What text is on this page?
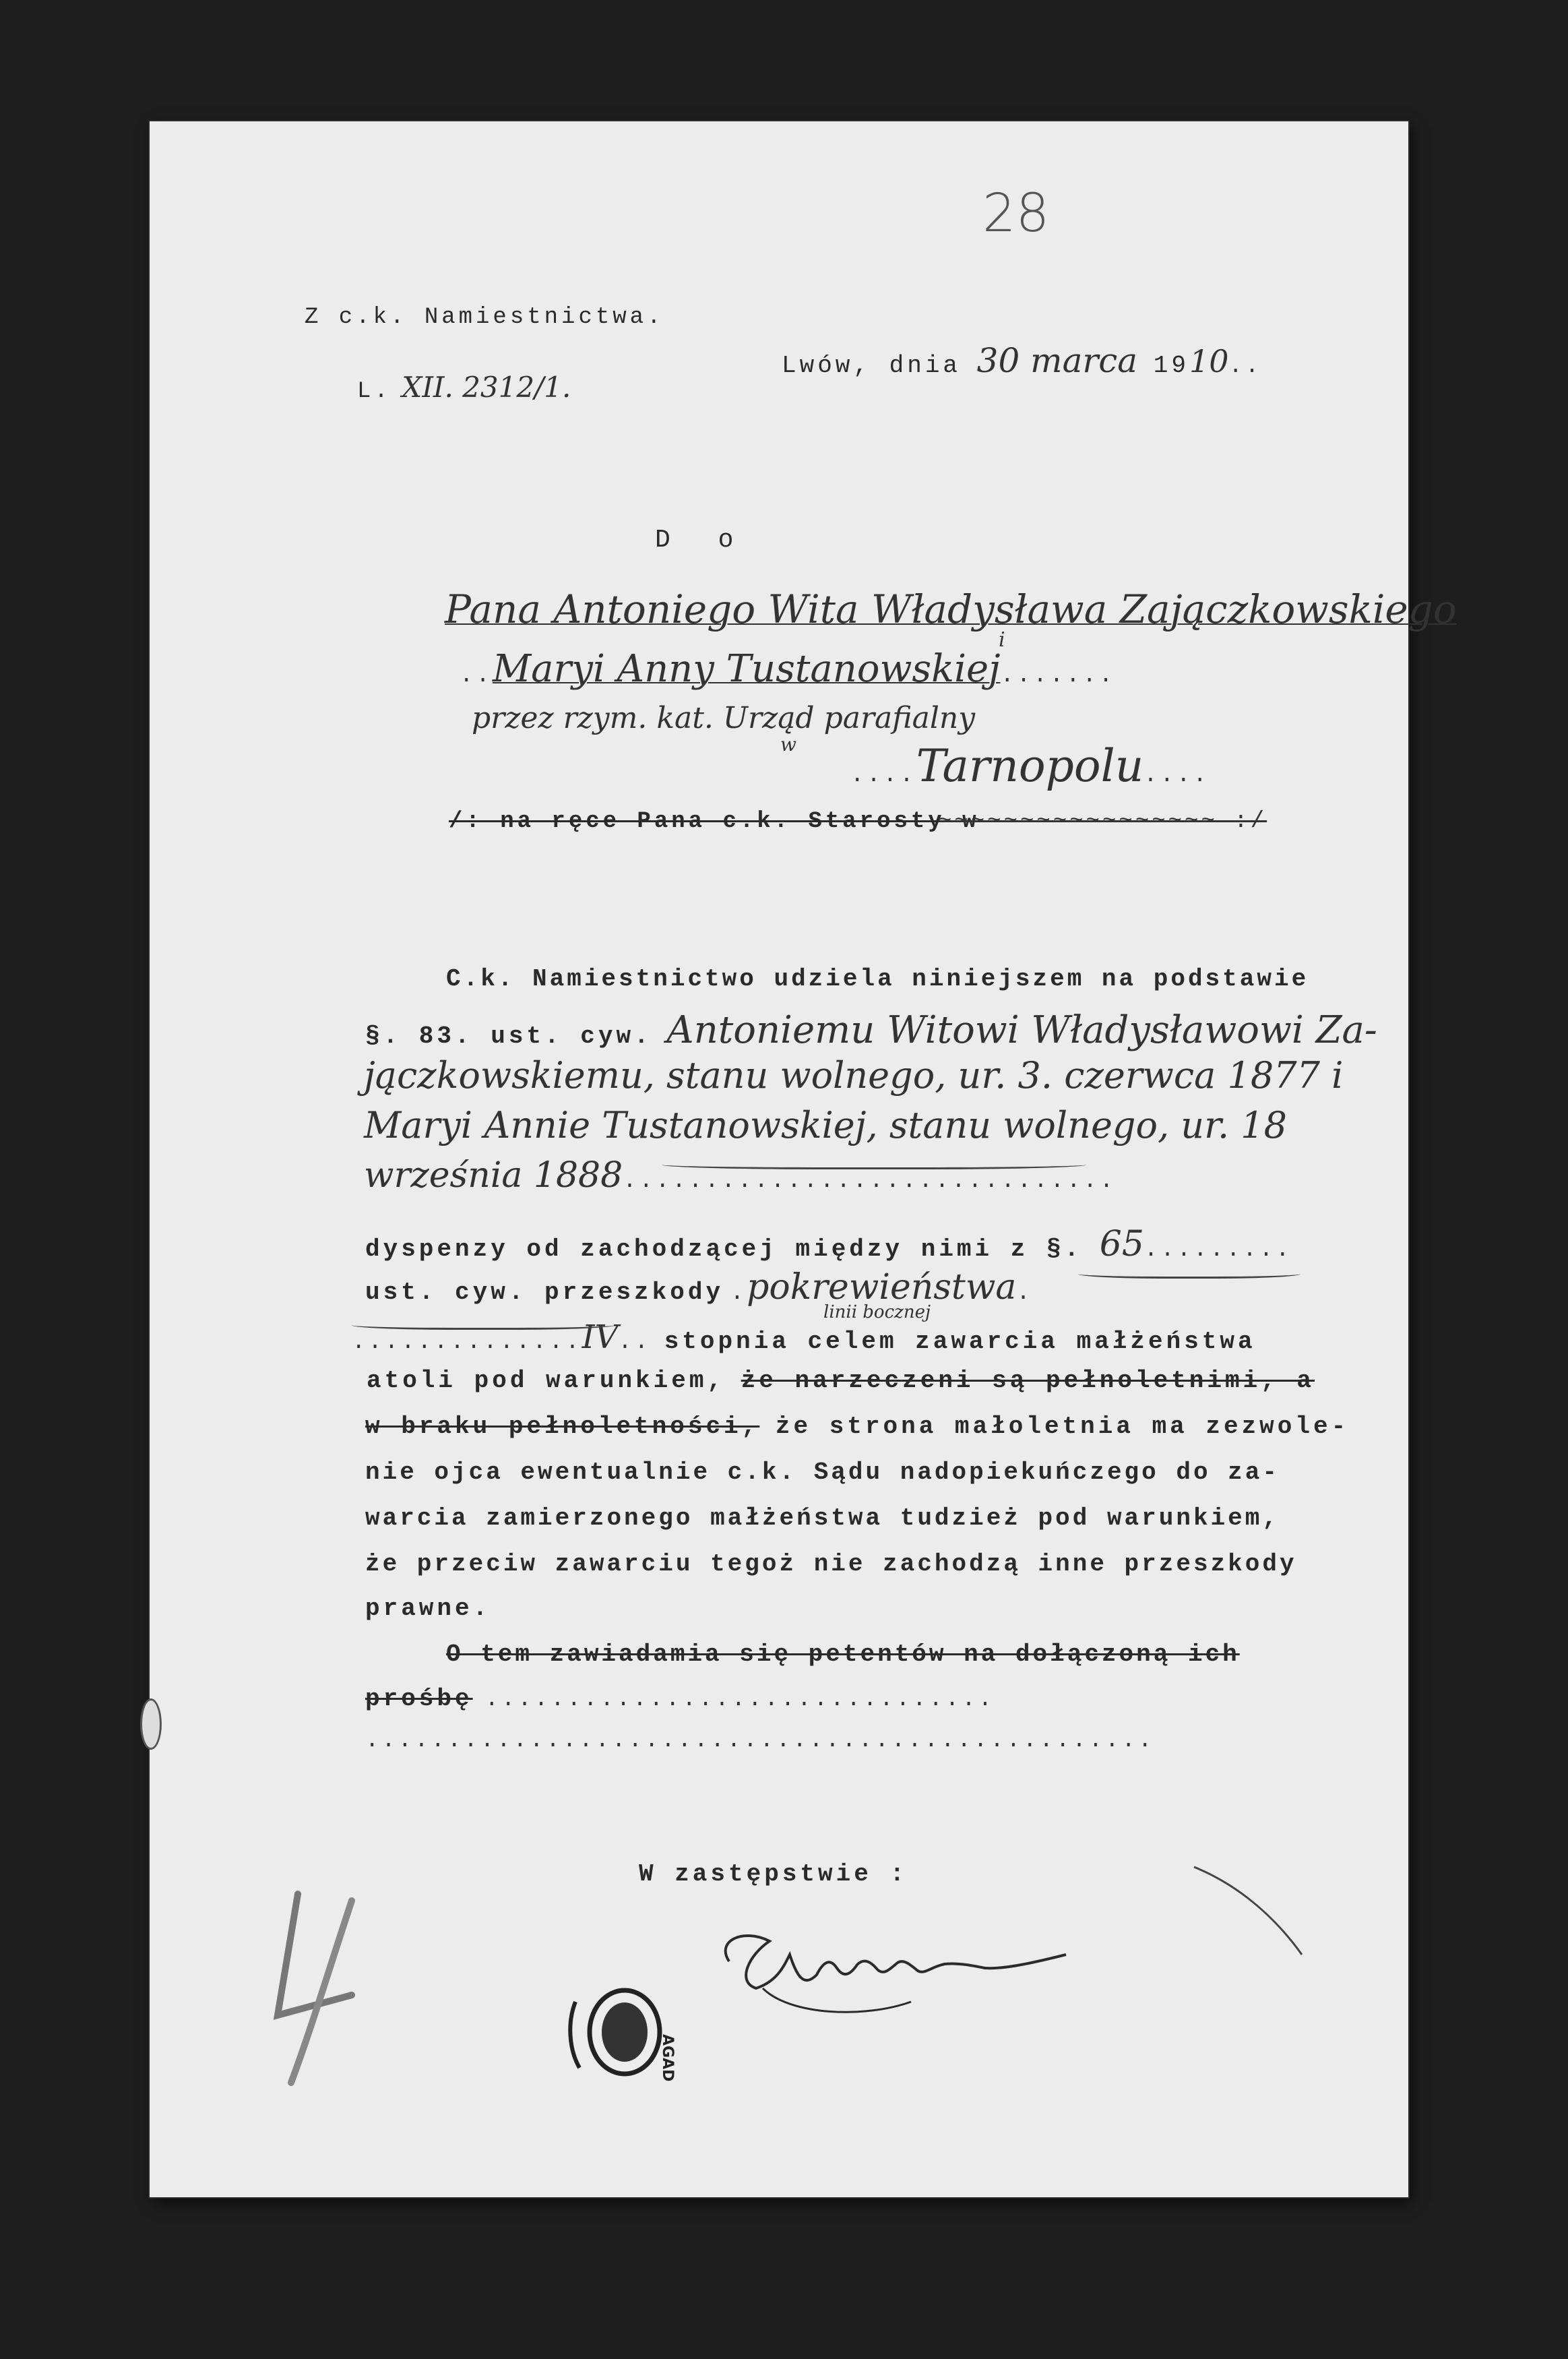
28
Z c.k. Namiestnictwa.
L. XII. 2312/1.
Lwów, dnia 30 marca 1910..
D o
Pana Antoniego Wita Władysława Zajączkowskiego
i
..Maryi Anny Tustanowskiej.......
przez rzym. kat. Urząd parafialny
w
....Tarnopolu....
/: na ręce Pana c.k. Starosty w
~~~~~~~~~~~~~~~~~ :/
C.k. Namiestnictwo udziela niniejszem na podstawie
§. 83. ust. cyw. Antoniemu Witowi Władysławowi Za-
jączkowskiemu, stanu wolnego, ur. 3. czerwca 1877 i
Maryi Annie Tustanowskiej, stanu wolnego, ur. 18
września 1888..............................
dyspenzy od zachodzącej między nimi z §. 65.........
linii bocznej
ust. cyw. przeszkody .pokrewieństwa.
..............IV.. stopnia celem zawarcia małżeństwa
atoli pod warunkiem, że narzeczeni są pełnoletnimi, a
w braku pełnoletności, że strona małoletnia ma zezwole-
nie ojca ewentualnie c.k. Sądu nadopiekuńczego do za-
warcia zamierzonego małżeństwa tudzież pod warunkiem,
że przeciw zawarciu tegoż nie zachodzą inne przeszkody
prawne.
O tem zawiadamia się petentów na dołączoną ich
prośbę ...............................
................................................
W zastępstwie :
AGAD
